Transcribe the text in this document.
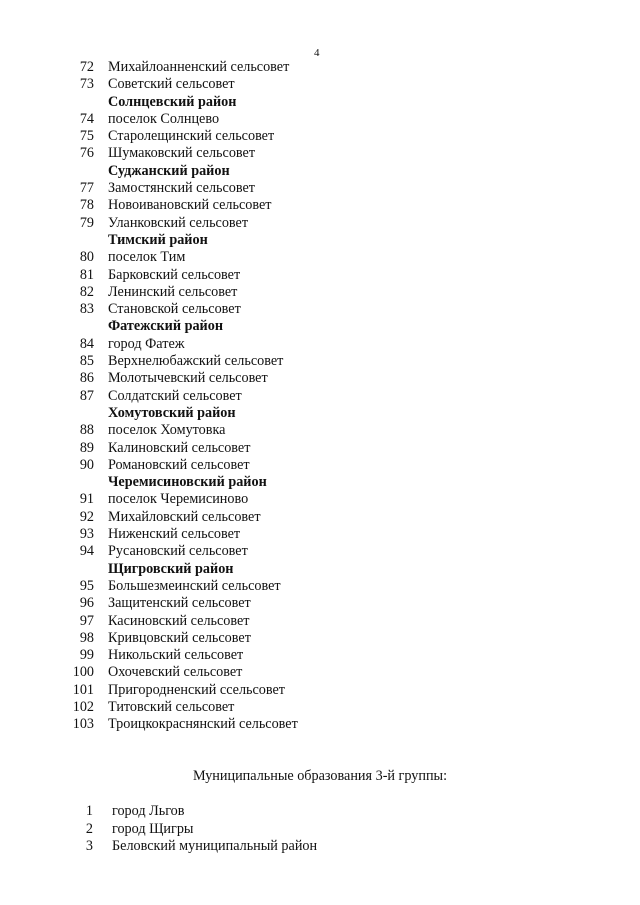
4
72 Михайлоанненский сельсовет
73 Советский сельсовет
Солнцевский район
74 поселок Солнцево
75 Старолещинский сельсовет
76 Шумаковский сельсовет
Суджанский район
77 Замостянский сельсовет
78 Новоивановский сельсовет
79 Уланковский сельсовет
Тимский район
80 поселок Тим
81 Барковский сельсовет
82 Ленинский сельсовет
83 Становской сельсовет
Фатежский район
84 город Фатеж
85 Верхнелюбажский сельсовет
86 Молотычевский сельсовет
87 Солдатский сельсовет
Хомутовский район
88 поселок Хомутовка
89 Калиновский сельсовет
90 Романовский сельсовет
Черемисиновский район
91 поселок Черемисиново
92 Михайловский сельсовет
93 Ниженский сельсовет
94 Русановский сельсовет
Щигровский район
95 Большезмеинский сельсовет
96 Защитенский сельсовет
97 Касиновский сельсовет
98 Кривцовский сельсовет
99 Никольский сельсовет
100 Охочевский сельсовет
101 Пригородненский ссельсовет
102 Титовский сельсовет
103 Троицкокраснянский сельсовет
Муниципальные образования 3-й группы:
1 город Льгов
2 город Щигры
3 Беловский муниципальный район
